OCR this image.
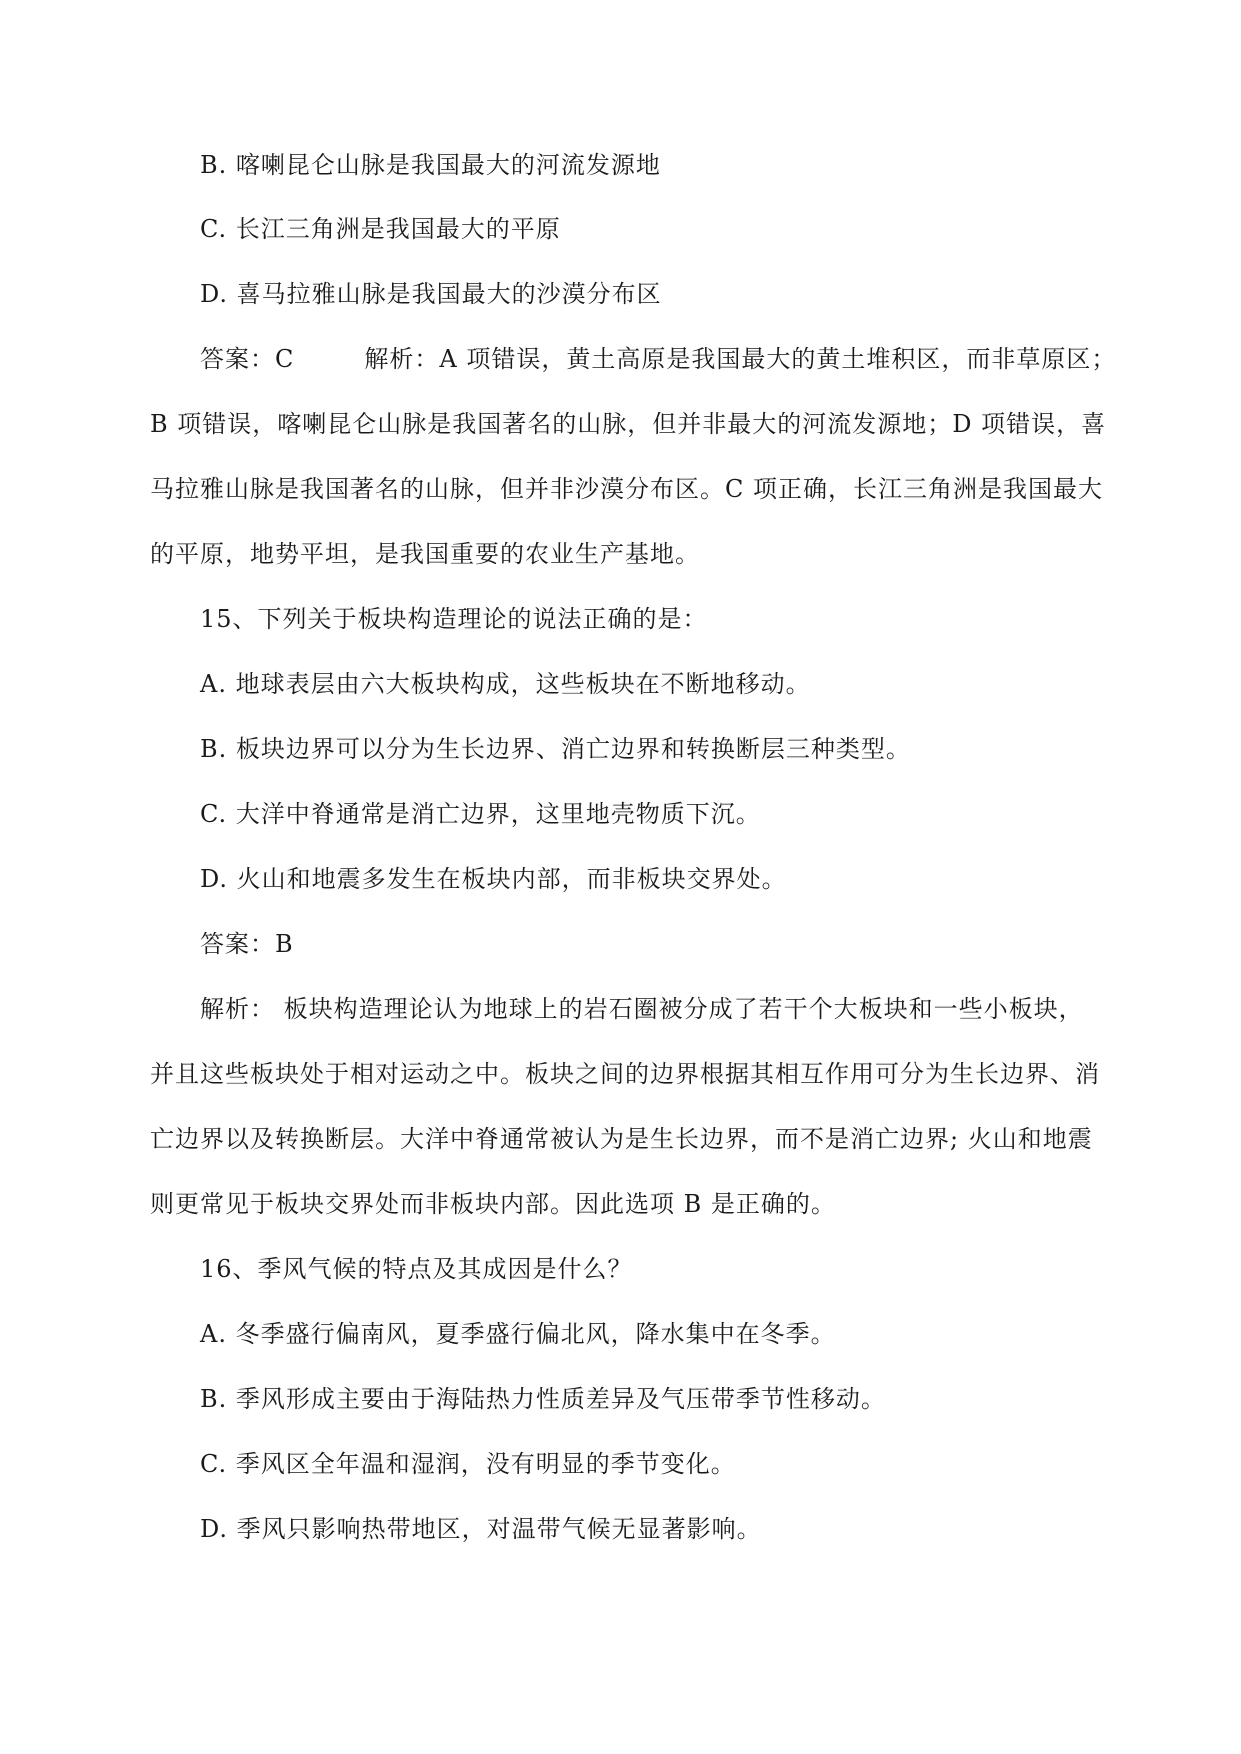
B. 喀喇昆仑山脉是我国最大的河流发源地
C. 长江三角洲是我国最大的平原
D. 喜马拉雅山脉是我国最大的沙漠分布区
答案：C	解析：A 项错误，黄土高原是我国最大的黄土堆积区，而非草原区；
B 项错误，喀喇昆仑山脉是我国著名的山脉，但并非最大的河流发源地；D 项错误，喜
马拉雅山脉是我国著名的山脉，但并非沙漠分布区。C 项正确，长江三角洲是我国最大
的平原，地势平坦，是我国重要的农业生产基地。
15、下列关于板块构造理论的说法正确的是：
A. 地球表层由六大板块构成，这些板块在不断地移动。
B. 板块边界可以分为生长边界、消亡边界和转换断层三种类型。
C. 大洋中脊通常是消亡边界，这里地壳物质下沉。
D. 火山和地震多发生在板块内部，而非板块交界处。
答案：B
解析： 板块构造理论认为地球上的岩石圈被分成了若干个大板块和一些小板块，
并且这些板块处于相对运动之中。板块之间的边界根据其相互作用可分为生长边界、消
亡边界以及转换断层。大洋中脊通常被认为是生长边界，而不是消亡边界; 火山和地震
则更常见于板块交界处而非板块内部。因此选项 B 是正确的。
16、季风气候的特点及其成因是什么？
A. 冬季盛行偏南风，夏季盛行偏北风，降水集中在冬季。
B. 季风形成主要由于海陆热力性质差异及气压带季节性移动。
C. 季风区全年温和湿润，没有明显的季节变化。
D. 季风只影响热带地区，对温带气候无显著影响。
